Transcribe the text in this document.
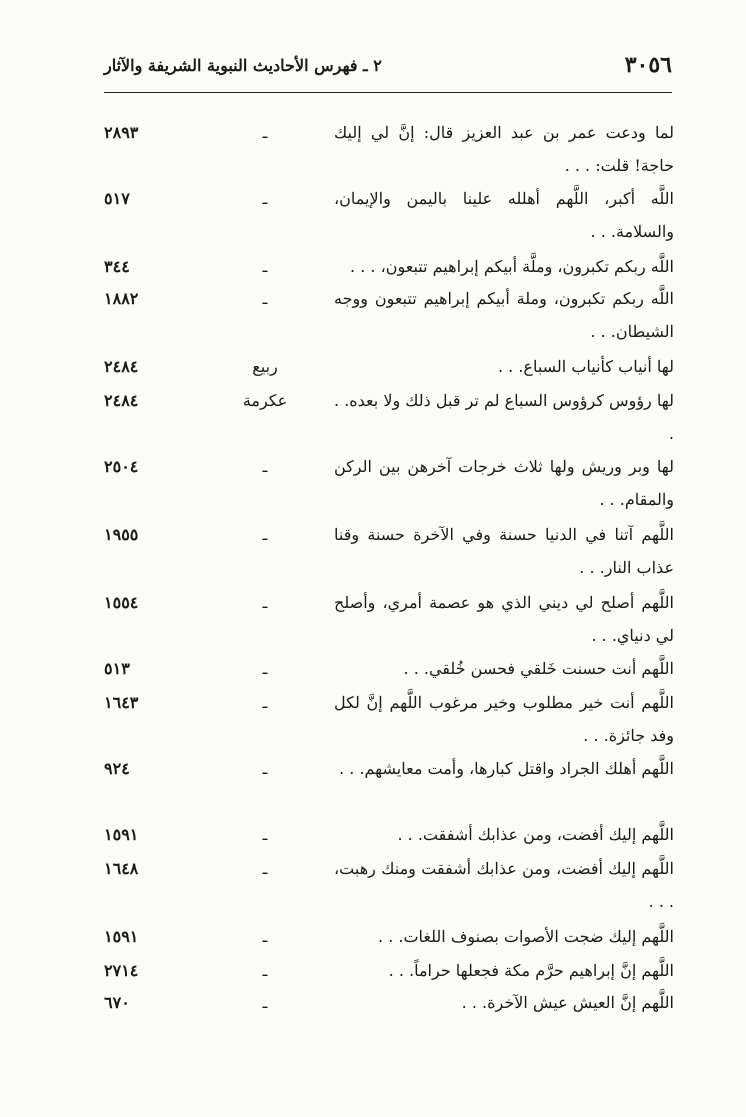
٣٠٥٦
٢ ـ فهرس الأحاديث النبوية الشريفة والآثار
لما ودعت عمر بن عبد العزيز قال: إنَّ لي إليك حاجة! قلت: . . .
ـ
٢٨٩٣
اللَّه أكبر، اللَّهم أهلله علينا باليمن والإيمان، والسلامة. . .
ـ
٥١٧
اللَّه ربكم تكبرون، وملَّة أبيكم إبراهيم تتبعون، . . .
ـ
٣٤٤
اللَّه ربكم تكبرون، وملة أبيكم إبراهيم تتبعون ووجه الشيطان. . .
ـ
١٨٨٢
لها أنياب كأنياب السباع. . .
ربيع
٢٤٨٤
لها رؤوس كرؤوس السباع لم تر قبل ذلك ولا بعده. . .
عكرمة
٢٤٨٤
لها وبر وريش ولها ثلاث خرجات آخرهن بين الركن والمقام. . .
ـ
٢٥٠٤
اللَّهم آتنا في الدنيا حسنة وفي الآخرة حسنة وقنا عذاب النار. . .
ـ
١٩٥٥
اللَّهم أصلح لي ديني الذي هو عصمة أمري، وأصلح لي دنياي. . .
ـ
١٥٥٤
اللَّهم أنت حسنت خَلقي فحسن خُلقي. . .
ـ
٥١٣
اللَّهم أنت خير مطلوب وخير مرغوب اللَّهم إنَّ لكل وفد جائزة. . .
ـ
١٦٤٣
اللَّهم أهلك الجراد واقتل كبارها، وأمت معايشهم. . .
ـ
٩٢٤
اللَّهم إليك أفضت، ومن عذابك أشفقت. . .
ـ
١٥٩١
اللَّهم إليك أفضت، ومن عذابك أشفقت ومنك رهبت، . . .
ـ
١٦٤٨
اللَّهم إليك ضجت الأصوات بصنوف اللغات. . .
ـ
١٥٩١
اللَّهم إنَّ إبراهيم حرَّم مكة فجعلها حراماً. . .
ـ
٢٧١٤
اللَّهم إنَّ العيش عيش الآخرة. . .
ـ
٦٧٠
